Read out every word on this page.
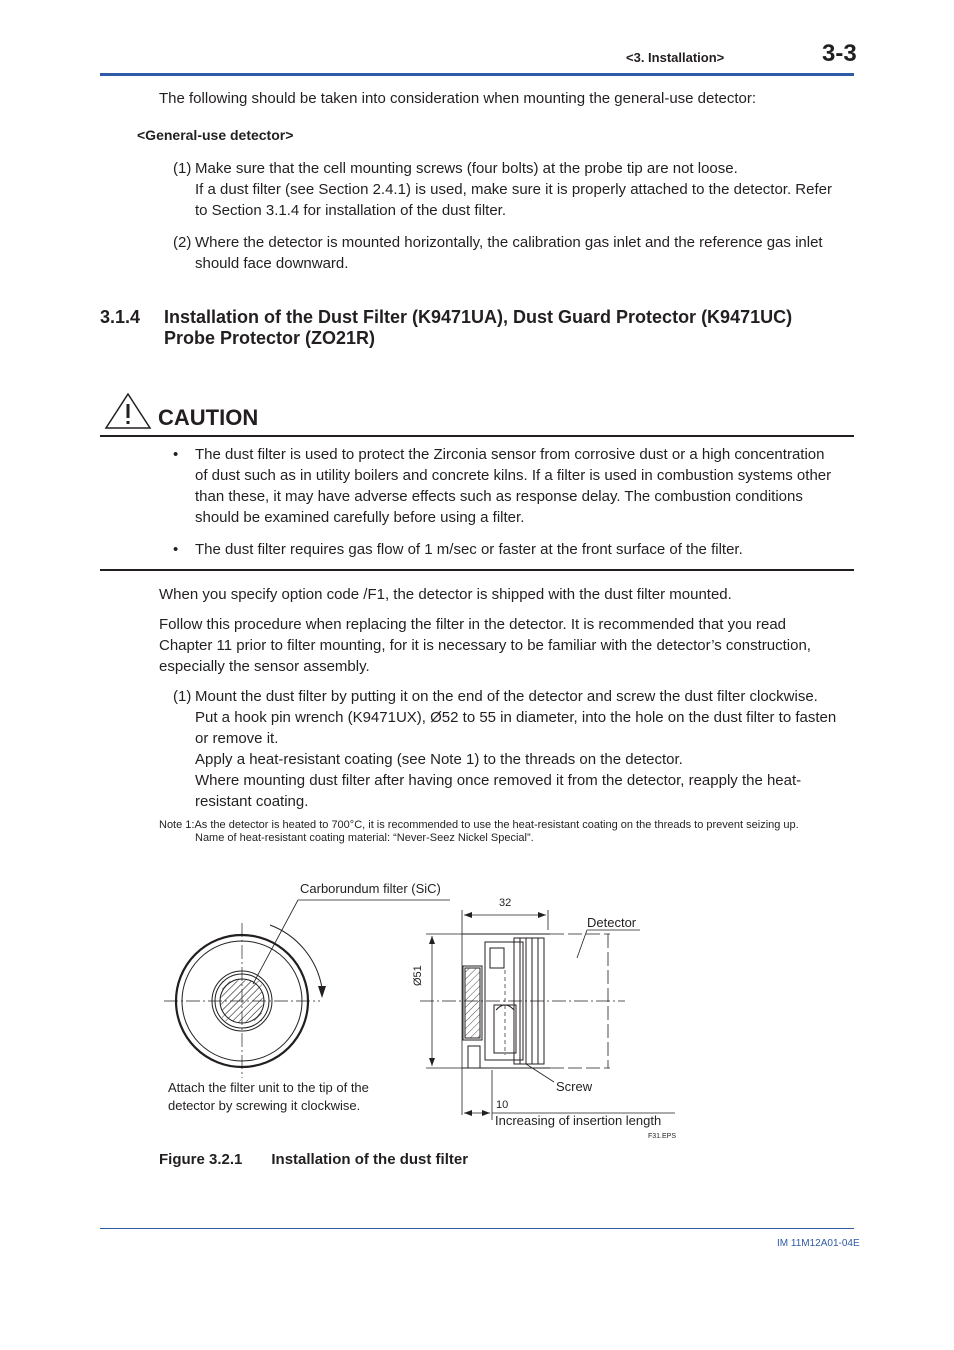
<3. Installation>	3-3
The following should be taken into consideration when mounting the general-use detector:
<General-use detector>
(1) Make sure that the cell mounting screws (four bolts) at the probe tip are not loose.
If a dust filter (see Section 2.4.1) is used, make sure it is properly attached to the detector. Refer
to Section 3.1.4 for installation of the dust filter.
(2) Where the detector is mounted horizontally, the calibration gas inlet and the reference gas inlet
should face downward.
3.1.4 Installation of the Dust Filter (K9471UA), Dust Guard Protector (K9471UC)
Probe Protector (ZO21R)
CAUTION
• The dust filter is used to protect the Zirconia sensor from corrosive dust or a high concentration
of dust such as in utility boilers and concrete kilns. If a filter is used in combustion systems other
than these, it may have adverse effects such as response delay. The combustion conditions
should be examined carefully before using a filter.
• The dust filter requires gas flow of 1 m/sec or faster at the front surface of the filter.
When you specify option code /F1, the detector is shipped with the dust filter mounted.
Follow this procedure when replacing the filter in the detector. It is recommended that you read
Chapter 11 prior to filter mounting, for it is necessary to be familiar with the detector’s construction,
especially the sensor assembly.
(1) Mount the dust filter by putting it on the end of the detector and screw the dust filter clockwise.
Put a hook pin wrench (K9471UX), Ø52 to 55 in diameter, into the hole on the dust filter to fasten
or remove it.
Apply a heat-resistant coating (see Note 1) to the threads on the detector.
Where mounting dust filter after having once removed it from the detector, reapply the heat-
resistant coating.
Note 1:As the detector is heated to 700°C, it is recommended to use the heat-resistant coating on the threads to prevent seizing up.
Name of heat-resistant coating material: “Never-Seez Nickel Special”.
Carborundum filter (SiC)
32
Detector
Ø51
Screw
10
Increasing of insertion length
Attach the filter unit to the tip of the
detector by screwing it clockwise.
F31.EPS
Figure 3.2.1 Installation of the dust filter
IM 11M12A01-04E
